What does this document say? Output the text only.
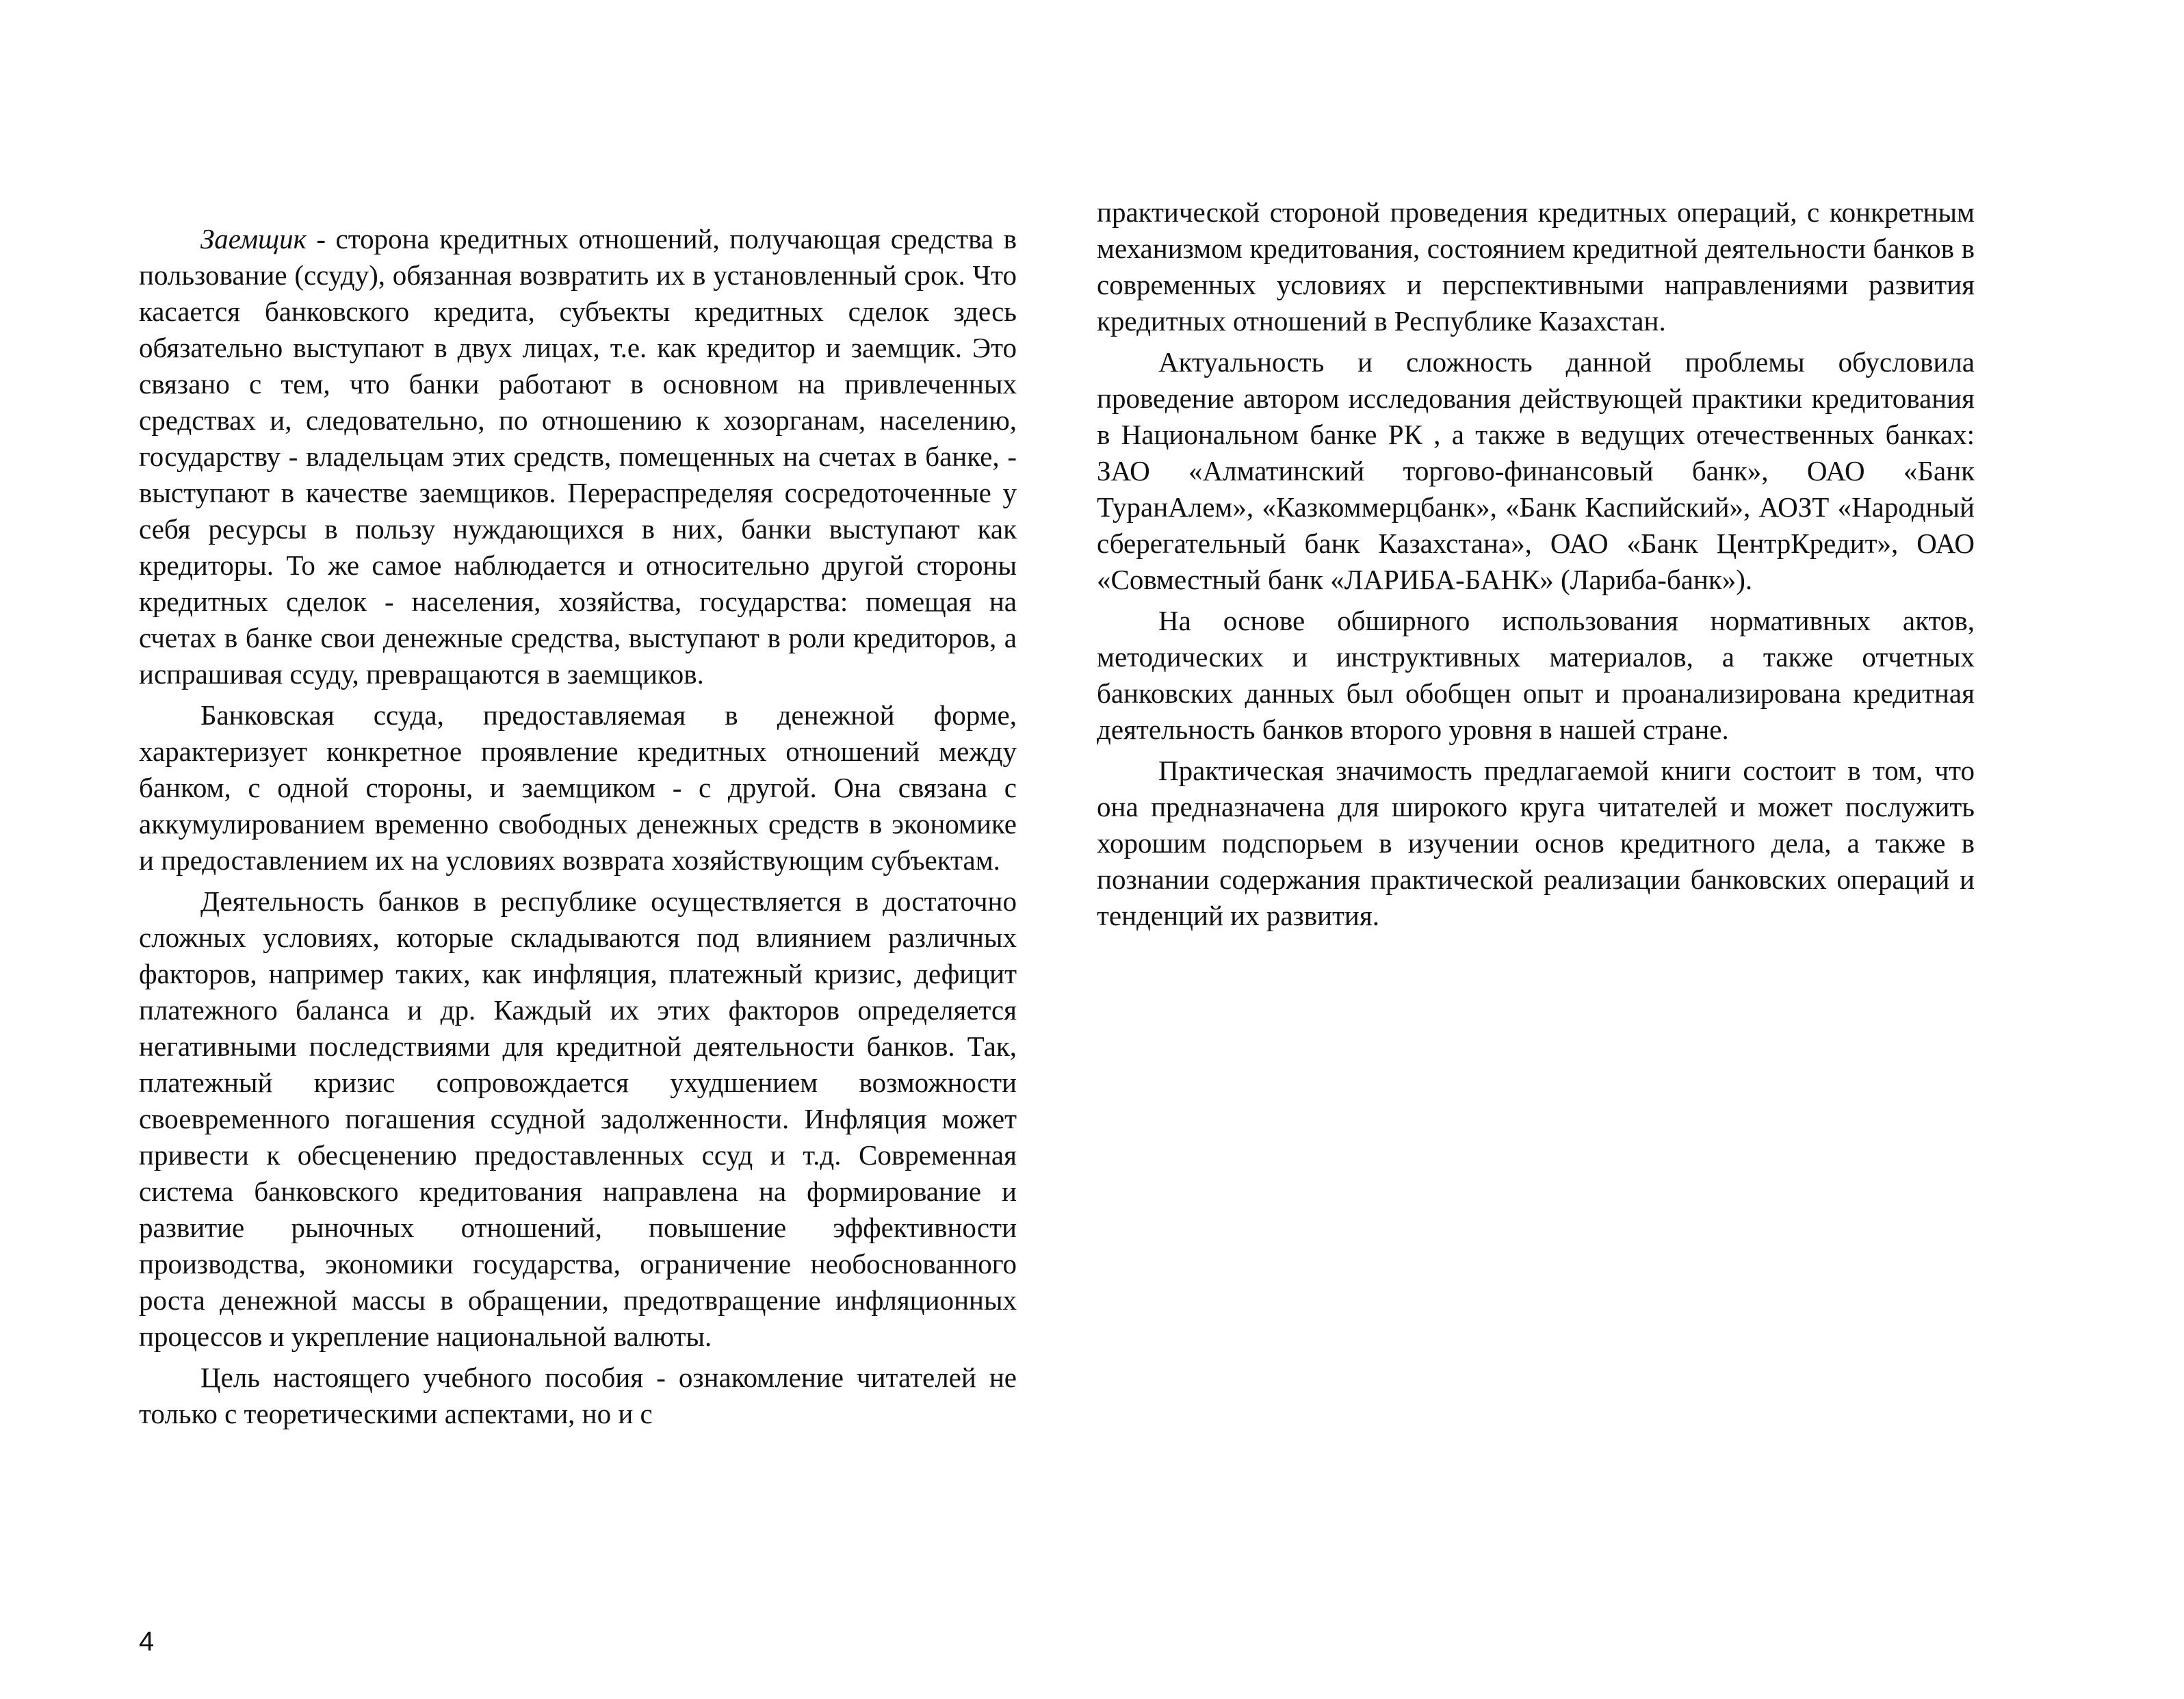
Заемщик - сторона кредитных отношений, получающая средства в пользование (ссуду), обязанная возвратить их в установленный срок. Что касается банковского кредита, субъекты кредитных сделок здесь обязательно выступают в двух лицах, т.е. как кредитор и заемщик. Это связано с тем, что банки работают в основном на привлеченных средствах и, следовательно, по отношению к хозорганам, населению, государству - владельцам этих средств, помещенных на счетах в банке, - выступают в качестве заемщиков. Перераспределяя сосредоточенные у себя ресурсы в пользу нуждающихся в них, банки выступают как кредиторы. То же самое наблюдается и относительно другой стороны кредитных сделок - населения, хозяйства, государства: помещая на счетах в банке свои денежные средства, выступают в роли кредиторов, а испрашивая ссуду, превращаются в заемщиков.

Банковская ссуда, предоставляемая в денежной форме, характеризует конкретное проявление кредитных отношений между банком, с одной стороны, и заемщиком - с другой. Она связана с аккумулированием временно свободных денежных средств в экономике и предоставлением их на условиях возврата хозяйствующим субъектам.

Деятельность банков в республике осуществляется в достаточно сложных условиях, которые складываются под влиянием различных факторов, например таких, как инфляция, платежный кризис, дефицит платежного баланса и др. Каждый их этих факторов определяется негативными последствиями для кредитной деятельности банков. Так, платежный кризис сопровождается ухудшением возможности своевременного погашения ссудной задолженности. Инфляция может привести к обесценению предоставленных ссуд и т.д. Современная система банковского кредитования направлена на формирование и развитие рыночных отношений, повышение эффективности производства, экономики государства, ограничение необоснованного роста денежной массы в обращении, предотвращение инфляционных процессов и укрепление национальной валюты.

Цель настоящего учебного пособия - ознакомление читателей не только с теоретическими аспектами, но и с

практической стороной проведения кредитных операций, с конкретным механизмом кредитования, состоянием кредитной деятельности банков в современных условиях и перспективными направлениями развития кредитных отношений в Республике Казахстан.

Актуальность и сложность данной проблемы обусловила проведение автором исследования действующей практики кредитования в Национальном банке РК , а также в ведущих отечественных банках: ЗАО «Алматинский торгово-финансовый банк», ОАО «Банк ТуранАлем», «Казкоммерцбанк», «Банк Каспийский», АОЗТ «Народный сберегательный банк Казахстана», ОАО «Банк ЦентрКредит», ОАО «Совместный банк «ЛАРИБА-БАНК» (Лариба-банк»).

На основе обширного использования нормативных актов, методических и инструктивных материалов, а также отчетных банковских данных был обобщен опыт и проанализирована кредитная деятельность банков второго уровня в нашей стране.

Практическая значимость предлагаемой книги состоит в том, что она предназначена для широкого круга читателей и может послужить хорошим подспорьем в изучении основ кредитного дела, а также в познании содержания практической реализации банковских операций и тенденций их развития.

4
